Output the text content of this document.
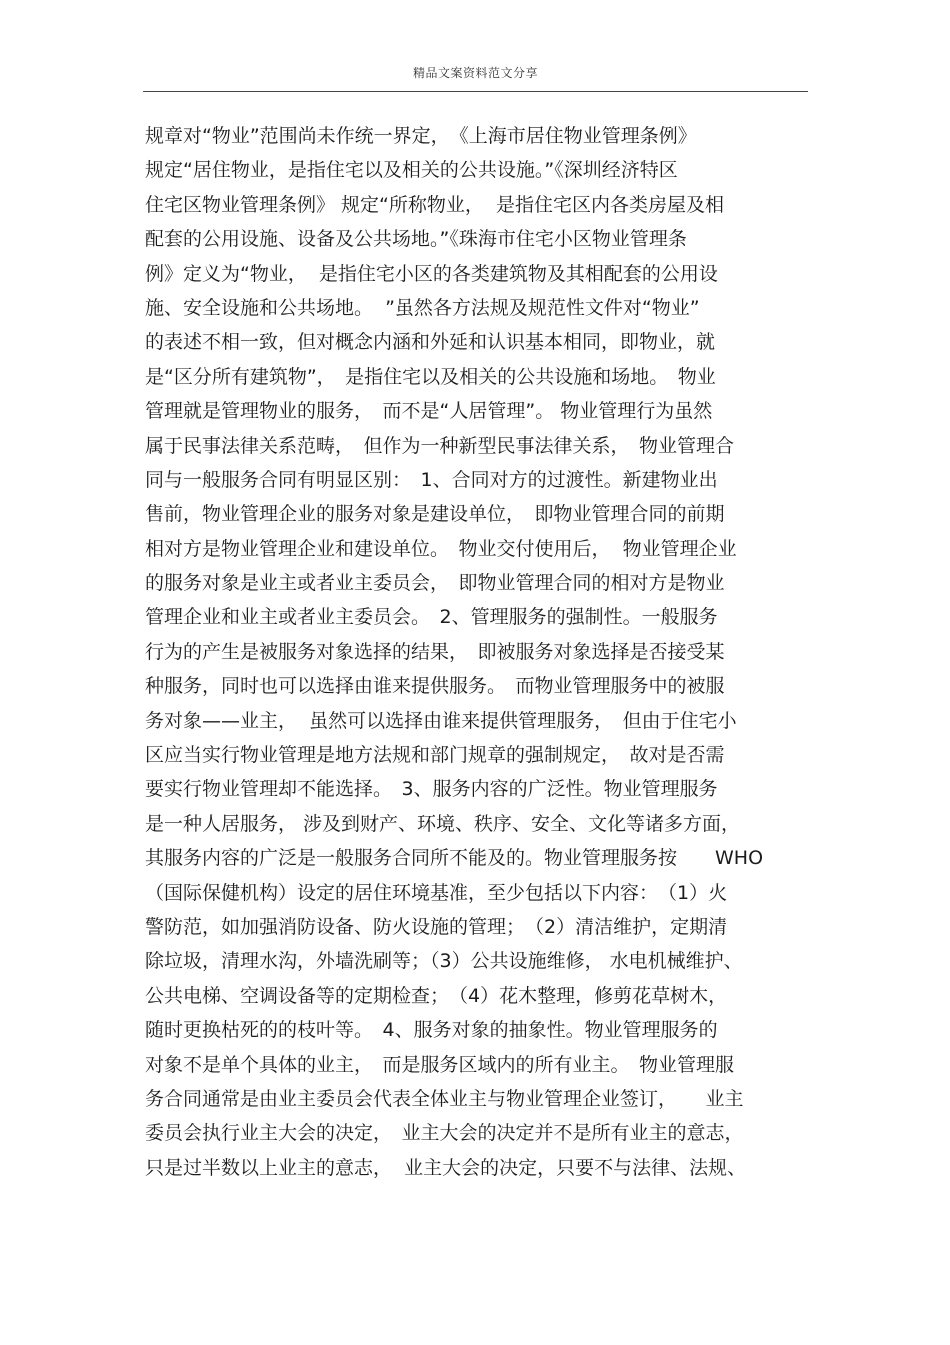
精品文案资料范文分享
规章对“物业”范围尚未作统一界定，　《上海市居住物业管理条例》
规定“居住物业，是指住宅以及相关的公共设施。”《深圳经济特区
住宅区物业管理条例》 规定“所称物业，  是指住宅区内各类房屋及相
配套的公用设施、设备及公共场地。”《珠海市住宅小区物业管理条
例》定义为“物业，  是指住宅小区的各类建筑物及其相配套的公用设
施、安全设施和公共场地。  ”虽然各方法规及规范性文件对“物业”
的表述不相一致，但对概念内涵和外延和认识基本相同，即物业，就
是“区分所有建筑物”，　是指住宅以及相关的公共设施和场地。　物业
管理就是管理物业的服务，　而不是“人居管理”。 物业管理行为虽然
属于民事法律关系范畴，　但作为一种新型民事法律关系，　物业管理合
同与一般服务合同有明显区别：　1、合同对方的过渡性。新建物业出
售前，物业管理企业的服务对象是建设单位，　即物业管理合同的前期
相对方是物业管理企业和建设单位。　物业交付使用后，  物业管理企业
的服务对象是业主或者业主委员会，　即物业管理合同的相对方是物业
管理企业和业主或者业主委员会。　2、管理服务的强制性。一般服务
行为的产生是被服务对象选择的结果，　即被服务对象选择是否接受某
种服务，同时也可以选择由谁来提供服务。　而物业管理服务中的被服
务对象——业主，  虽然可以选择由谁来提供管理服务，　但由于住宅小
区应当实行物业管理是地方法规和部门规章的强制规定，　故对是否需
要实行物业管理却不能选择。　3、服务内容的广泛性。物业管理服务
是一种人居服务， 涉及到财产、环境、秩序、安全、文化等诸多方面，
其服务内容的广泛是一般服务合同所不能及的。物业管理服务按　　WHO
（国际保健机构）设定的居住环境基准，至少包括以下内容：　（1）火
警防范，如加强消防设备、防火设施的管理；　（2）清洁维护，定期清
除垃圾，清理水沟，外墙洗刷等；（3）公共设施维修， 水电机械维护、
公共电梯、空调设备等的定期检查；　（4）花木整理，修剪花草树木，
随时更换枯死的的枝叶等。　4、服务对象的抽象性。物业管理服务的
对象不是单个具体的业主，　而是服务区域内的所有业主。　物业管理服
务合同通常是由业主委员会代表全体业主与物业管理企业签订，　　业主
委员会执行业主大会的决定，　业主大会的决定并不是所有业主的意志，
只是过半数以上业主的意志，  业主大会的决定，只要不与法律、法规、
